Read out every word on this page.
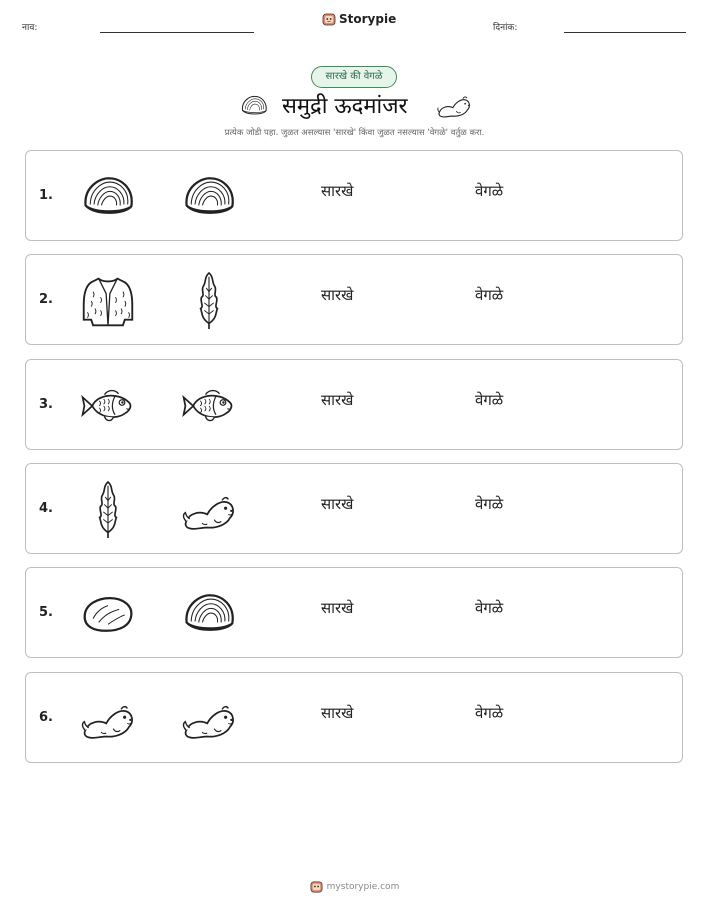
नाव:
Storypie
दिनांक:
सारखे की वेगळे
समुद्री ऊदमांजर
प्रत्येक जोडी पहा. जुळत असल्यास 'सारखे' किंवा जुळत नसल्यास 'वेगळे' वर्तुळ करा.
1.	सारखे	वेगळे
2.	सारखे	वेगळे
3.	सारखे	वेगळे
4.	सारखे	वेगळे
5.	सारखे	वेगळे
6.	सारखे	वेगळे
mystorypie.com
